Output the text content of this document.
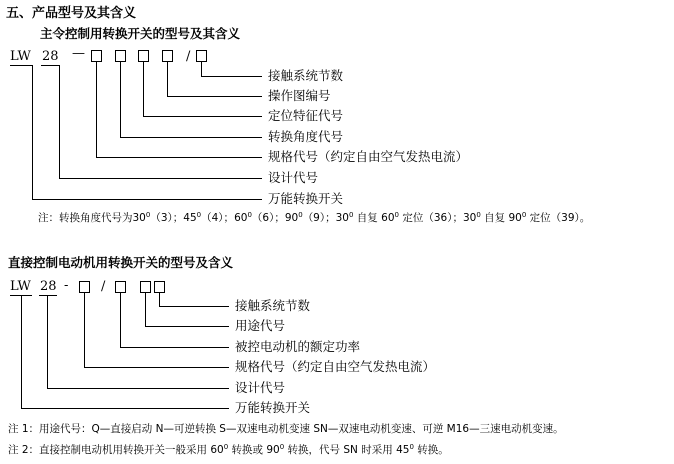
五、产品型号及其含义
主令控制用转换开关的型号及其含义
LW 28 —	/
接触系统节数
操作图编号
定位特征代号
转换角度代号
规格代号（约定自由空气发热电流）
设计代号
万能转换开关
注：转换角度代号为$30^0(3)$；$45^0(4)$；$60^0(6)$；$90^0(9)$；$30^0$ 自复 $60^0$ 定位（36）；$30^0$ 自复 $90^0$ 定位（39）。
直接控制电动机用转换开关的型号及含义
LW 28 -	/
接触系统节数
用途代号
被控电动机的额定功率
规格代号（约定自由空气发热电流）
设计代号
万能转换开关
注 1：用途代号：Q—直接启动 N—可逆转换 S—双速电动机变速 SN—双速电动机变速、可逆 M16—三速电动机变速。
注 2：直接控制电动机用转换开关一般采用 $60^0$ 转换或 $90^0$ 转换，代号 SN 时采用 $45^0$ 转换。
